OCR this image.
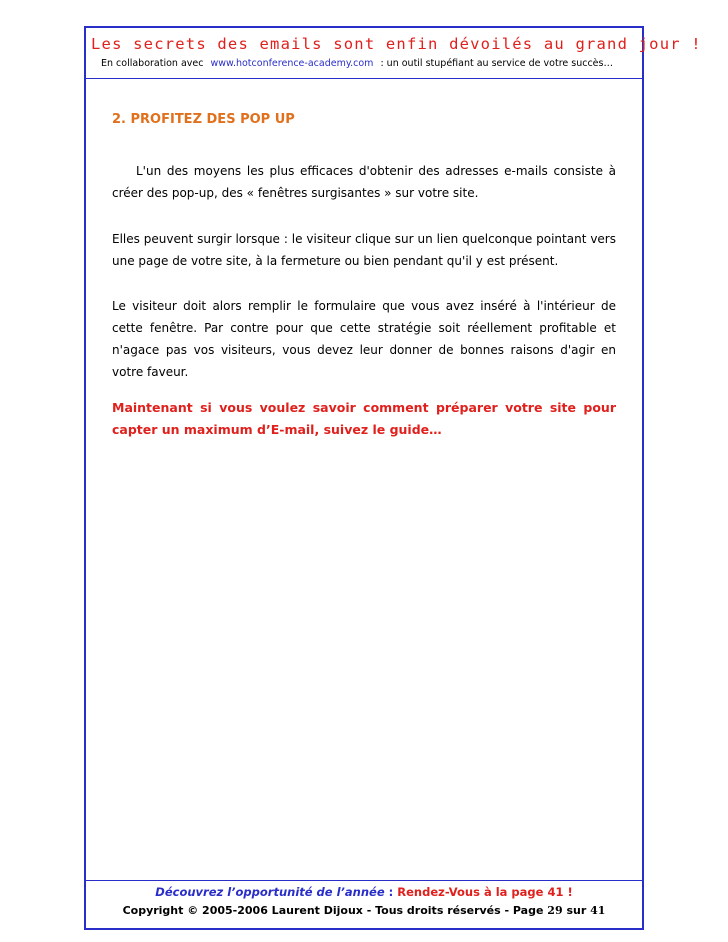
Les secrets des emails sont enfin dévoilés au grand jour !
En collaboration avec www.hotconference-academy.com : un outil stupéfiant au service de votre succès…
2. PROFITEZ DES POP UP

L'un des moyens les plus efficaces d'obtenir des adresses e-mails consiste à créer des pop-up, des « fenêtres surgisantes » sur votre site.

Elles peuvent surgir lorsque : le visiteur clique sur un lien quelconque pointant vers une page de votre site, à la fermeture ou bien pendant qu'il y est présent.

Le visiteur doit alors remplir le formulaire que vous avez inséré à l'intérieur de cette fenêtre. Par contre pour que cette stratégie soit réellement profitable et n'agace pas vos visiteurs, vous devez leur donner de bonnes raisons d'agir en votre faveur.

Maintenant si vous voulez savoir comment préparer votre site pour capter un maximum d’E-mail, suivez le guide…

Découvrez l’opportunité de l’année : Rendez-Vous à la page 41 !
Copyright © 2005-2006 Laurent Dijoux - Tous droits réservés - Page 29 sur 41
